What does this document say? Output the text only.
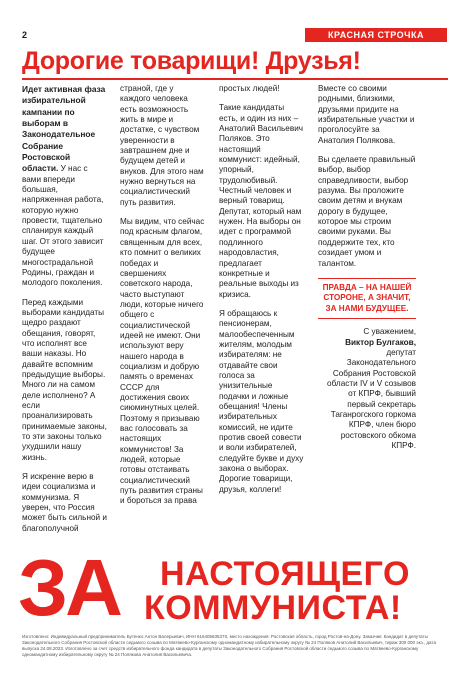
2	КРАСНАЯ СТРОЧКА
Дорогие товарищи! Друзья!

Идет активная фаза избирательной кампании по выборам в Законодательное Собрание Ростовской области. У нас с вами впереди большая, напряженная работа, которую нужно провести, тщательно спланируя каждый шаг. От этого зависит будущее многострадальной Родины, граждан и молодого поколения.

Перед каждыми выборами кандидаты щедро раздают обещания, говорят, что исполнят все ваши наказы. Но давайте вспомним предыдущие выборы. Много ли на самом деле исполнено? А если проанализировать принимаемые законы, то эти законы только ухудшили нашу жизнь.

Я искренне верю в идеи социализма и коммунизма. Я уверен, что Россия может быть сильной и благополучной

страной, где у каждого человека есть возможность жить в мире и достатке, с чувством уверенности в завтрашнем дне и будущем детей и внуков. Для этого нам нужно вернуться на социалистический путь развития.

Мы видим, что сейчас под красным флагом, священным для всех, кто помнит о великих победах и свершениях советского народа, часто выступают люди, которые ничего общего с социалистической идеей не имеют. Они используют веру нашего народа в социализм и добрую память о временах СССР для достижения своих сиюминутных целей. Поэтому я призываю вас голосовать за настоящих коммунистов! За людей, которые готовы отстаивать социалистический путь развития страны и бороться за права

простых людей!

Такие кандидаты есть, и один из них – Анатолий Васильевич Поляков. Это настоящий коммунист: идейный, упорный, трудолюбивый. Честный человек и верный товарищ. Депутат, который нам нужен. На выборы он идет с программой подлинного народовластия, предлагает конкретные и реальные выходы из кризиса.

Я обращаюсь к пенсионерам, малообеспеченным жителям, молодым избирателям: не отдавайте свои голоса за унизительные подачки и ложные обещания! Члены избирательных комиссий, не идите против своей совести и воли избирателей, следуйте букве и духу закона о выборах. Дорогие товарищи, друзья, коллеги!

Вместе со своими родными, близкими, друзьями придите на избирательные участки и проголосуйте за Анатолия Полякова.

Вы сделаете правильный выбор, выбор справедливости, выбор разума. Вы проложите своим детям и внукам дорогу в будущее, которое мы строим своими руками. Вы поддержите тех, кто созидает умом и талантом.

ПРАВДА – НА НАШЕЙ СТОРОНЕ, А ЗНАЧИТ, ЗА НАМИ БУДУЩЕЕ.

С уважением,
Виктор Булгаков, депутат Законодательного Собрания Ростовской области IV и V созывов от КПРФ, бывший первый секретарь Таганрогского горкома КПРФ, член бюро ростовского обкома КПРФ.

ЗА НАСТОЯЩЕГО
КОММУНИСТА!
Изготовлено: Индивидуальный предприниматель Бутенко Антон Валерьевич, ИНН 616405635370, место нахождения: Ростовская область, город Ростов-на-Дону. Заказчик: Кандидат в депутаты Законодательного Собрания Ростовской области седьмого созыва по Матвеево-Курганскому одномандатному избирательному округу № 24 Поляков Анатолий Васильевич, тираж 300 000 экз., дата выпуска 24.08.2023. Изготовлено за счет средств избирательного фонда кандидата в депутаты Законодательного Собрания Ростовской области седьмого созыва по Матвеево-Курганскому одномандатному избирательному округу № 24 Полякова Анатолия Васильевича.
